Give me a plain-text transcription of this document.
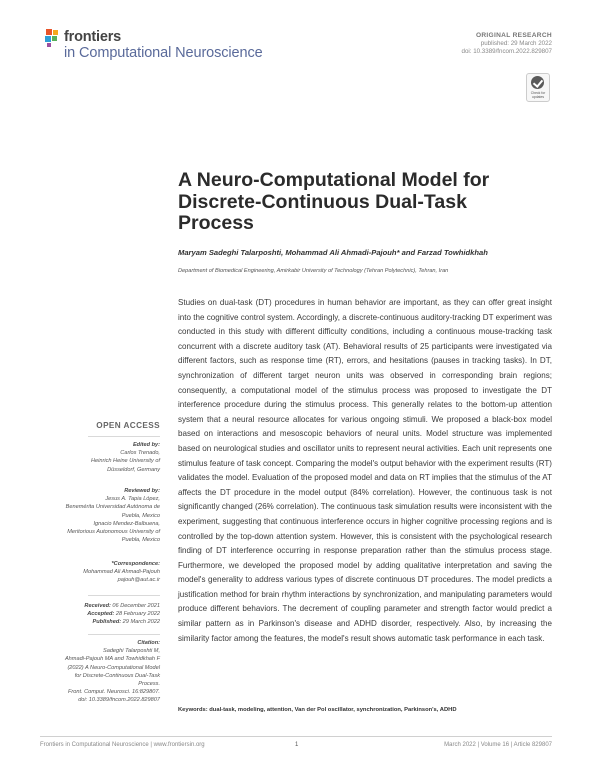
frontiers
in Computational Neuroscience
ORIGINAL RESEARCH
published: 29 March 2022
doi: 10.3389/fncom.2022.829807
Check for updates
A Neuro-Computational Model for Discrete-Continuous Dual-Task Process
Maryam Sadeghi Talarposhti, Mohammad Ali Ahmadi-Pajouh* and Farzad Towhidkhah
Department of Biomedical Engineering, Amirkabir University of Technology (Tehran Polytechnic), Tehran, Iran
Studies on dual-task (DT) procedures in human behavior are important, as they can offer great insight into the cognitive control system. Accordingly, a discrete-continuous auditory-tracking DT experiment was conducted in this study with different difficulty conditions, including a continuous mouse-tracking task concurrent with a discrete auditory task (AT). Behavioral results of 25 participants were investigated via different factors, such as response time (RT), errors, and hesitations (pauses in tracking tasks). In DT, synchronization of different target neuron units was observed in corresponding brain regions; consequently, a computational model of the stimulus process was proposed to investigate the DT interference procedure during the stimulus process. This generally relates to the bottom-up attention system that a neural resource allocates for various ongoing stimuli. We proposed a black-box model based on interactions and mesoscopic behaviors of neural units. Model structure was implemented based on neurological studies and oscillator units to represent neural activities. Each unit represents one stimulus feature of task concept. Comparing the model's output behavior with the experiment results (RT) validates the model. Evaluation of the proposed model and data on RT implies that the stimulus of the AT affects the DT procedure in the model output (84% correlation). However, the continuous task is not significantly changed (26% correlation). The continuous task simulation results were inconsistent with the experiment, suggesting that continuous interference occurs in higher cognitive processing regions and is controlled by the top-down attention system. However, this is consistent with the psychological research finding of DT interference occurring in response preparation rather than the stimulus process stage. Furthermore, we developed the proposed model by adding qualitative interpretation and saving the model's generality to address various types of discrete continuous DT procedures. The model predicts a justification method for brain rhythm interactions by synchronization, and manipulating parameters would produce different behaviors. The decrement of coupling parameter and strength factor would predict a similar pattern as in Parkinson's disease and ADHD disorder, respectively. Also, by increasing the similarity factor among the features, the model's result shows automatic task performance in each task.
Keywords: dual-task, modeling, attention, Van der Pol oscillator, synchronization, Parkinson's, ADHD
OPEN ACCESS
Edited by:
Carlos Trenado,
Heinrich Heine University of
Düsseldorf, Germany
Reviewed by:
Jesus A. Tapia López,
Benemérita Universidad Autónoma de
Puebla, Mexico
Ignacio Mendez-Balbuena,
Meritorious Autonomous University of
Puebla, Mexico
*Correspondence:
Mohammad Ali Ahmadi-Pajouh
pajouh@aut.ac.ir
Received: 06 December 2021
Accepted: 28 February 2022
Published: 29 March 2022
Citation:
Sadeghi Talarposhti M,
Ahmadi-Pajouh MA and Towhidkhah F
(2022) A Neuro-Computational Model
for Discrete-Continuous Dual-Task
Process.
Front. Comput. Neurosci. 16:829807.
doi: 10.3389/fncom.2022.829807
Frontiers in Computational Neuroscience | www.frontiersin.org	1	March 2022 | Volume 16 | Article 829807
